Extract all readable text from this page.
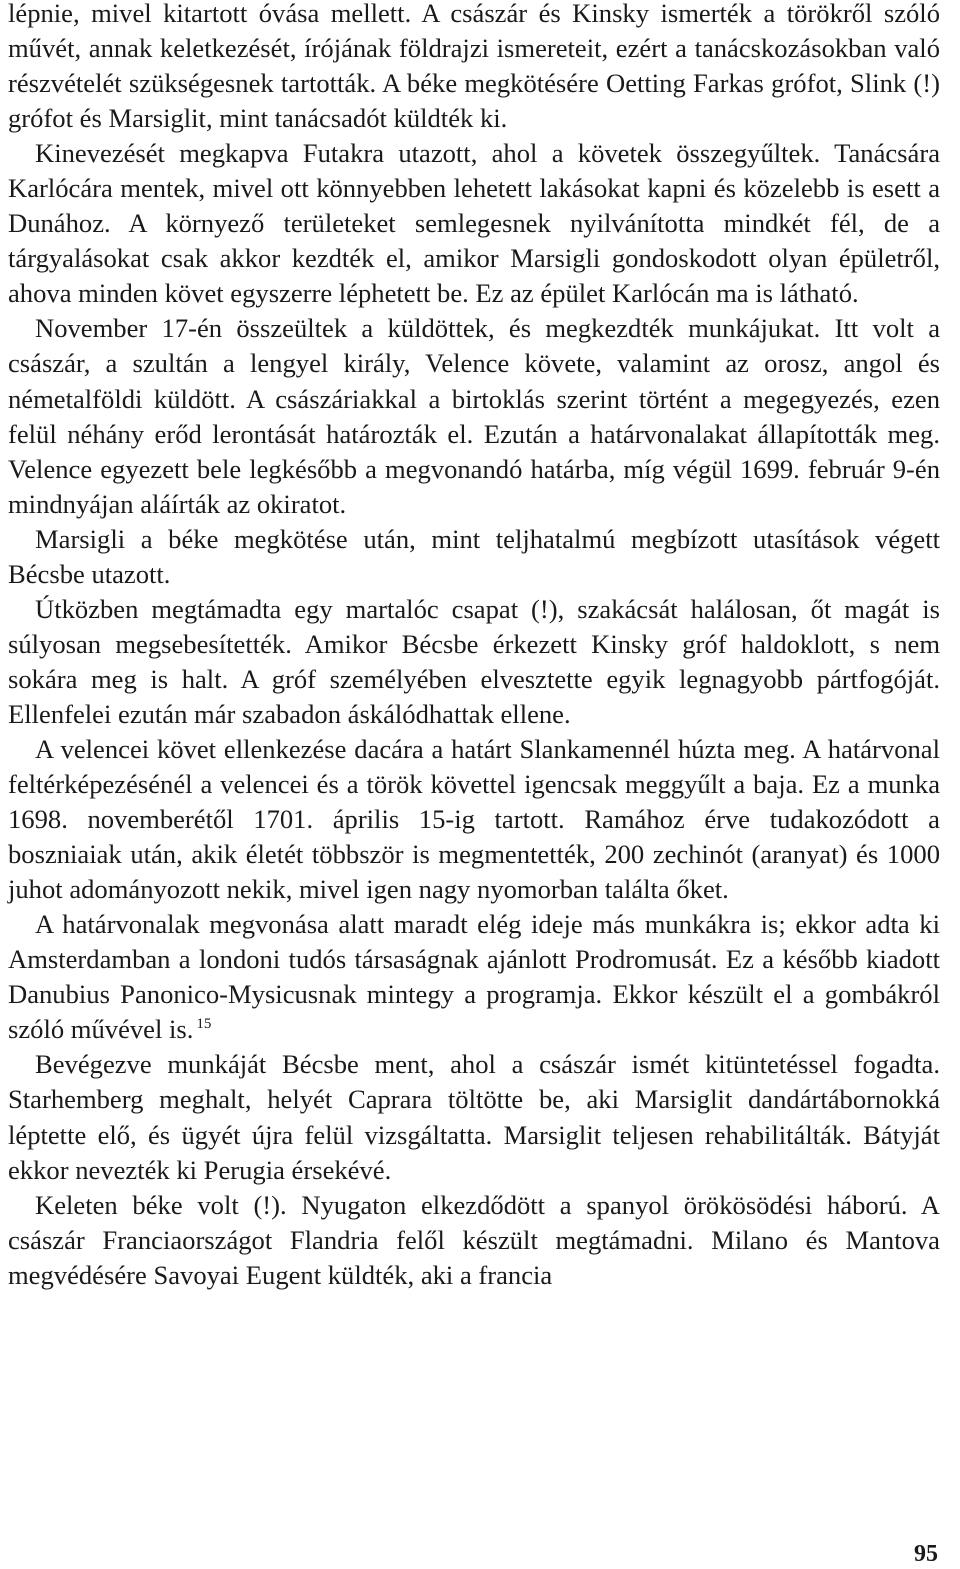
lépnie, mivel kitartott óvása mellett. A császár és Kinsky ismerték a törökről szóló művét, annak keletkezését, írójának földrajzi ismereteit, ezért a tanácskozásokban való részvételét szükségesnek tartották. A béke megkötésére Oetting Farkas grófot, Slink (!) grófot és Marsiglit, mint tanácsadót küldték ki.

Kinevezését megkapva Futakra utazott, ahol a követek összegyűltek. Tanácsára Karlócára mentek, mivel ott könnyebben lehetett lakásokat kapni és közelebb is esett a Dunához. A környező területeket semlegesnek nyilvánította mindkét fél, de a tárgyalásokat csak akkor kezdték el, amikor Marsigli gondoskodott olyan épületről, ahova minden követ egyszerre léphetett be. Ez az épület Karlócán ma is látható.

November 17-én összeültek a küldöttek, és megkezdték munkájukat. Itt volt a császár, a szultán a lengyel király, Velence követe, valamint az orosz, angol és németalföldi küldött. A császáriakkal a birtoklás szerint történt a megegyezés, ezen felül néhány erőd lerontását határozták el. Ezután a határvonalakat állapították meg. Velence egyezett bele legkésőbb a megvonandó határba, míg végül 1699. február 9-én mindnyájan aláírták az okiratot.

Marsigli a béke megkötése után, mint teljhatalmú megbízott utasítások végett Bécsbe utazott.

Útközben megtámadta egy martalóc csapat (!), szakácsát halálosan, őt magát is súlyosan megsebesítették. Amikor Bécsbe érkezett Kinsky gróf haldoklott, s nem sokára meg is halt. A gróf személyében elvesztette egyik legnagyobb pártfogóját. Ellenfelei ezután már szabadon áskálódhattak ellene.

A velencei követ ellenkezése dacára a határt Slankamennél húzta meg. A határvonal feltérképezésénél a velencei és a török követtel igencsak meggyűlt a baja. Ez a munka 1698. novemberétől 1701. április 15-ig tartott. Ramához érve tudakozódott a boszniaiak után, akik életét többször is megmentették, 200 zechinót (aranyat) és 1000 juhot adományozott nekik, mivel igen nagy nyomorban találta őket.

A határvonalak megvonása alatt maradt elég ideje más munkákra is; ekkor adta ki Amsterdamban a londoni tudós társaságnak ajánlott Prodromusát. Ez a később kiadott Danubius Panonico-Mysicusnak mintegy a programja. Ekkor készült el a gombákról szóló művével is. $^{15}$

Bevégezve munkáját Bécsbe ment, ahol a császár ismét kitüntetéssel fogadta. Starhemberg meghalt, helyét Caprara töltötte be, aki Marsiglit dandártábornokká léptette elő, és ügyét újra felül vizsgáltatta. Marsiglit teljesen rehabilitálták. Bátyját ekkor nevezték ki Perugia érsekévé.

Keleten béke volt (!). Nyugaton elkezdődött a spanyol örökösödési háború. A császár Franciaországot Flandria felől készült megtámadni. Milano és Mantova megvédésére Savoyai Eugent küldték, aki a francia

95
